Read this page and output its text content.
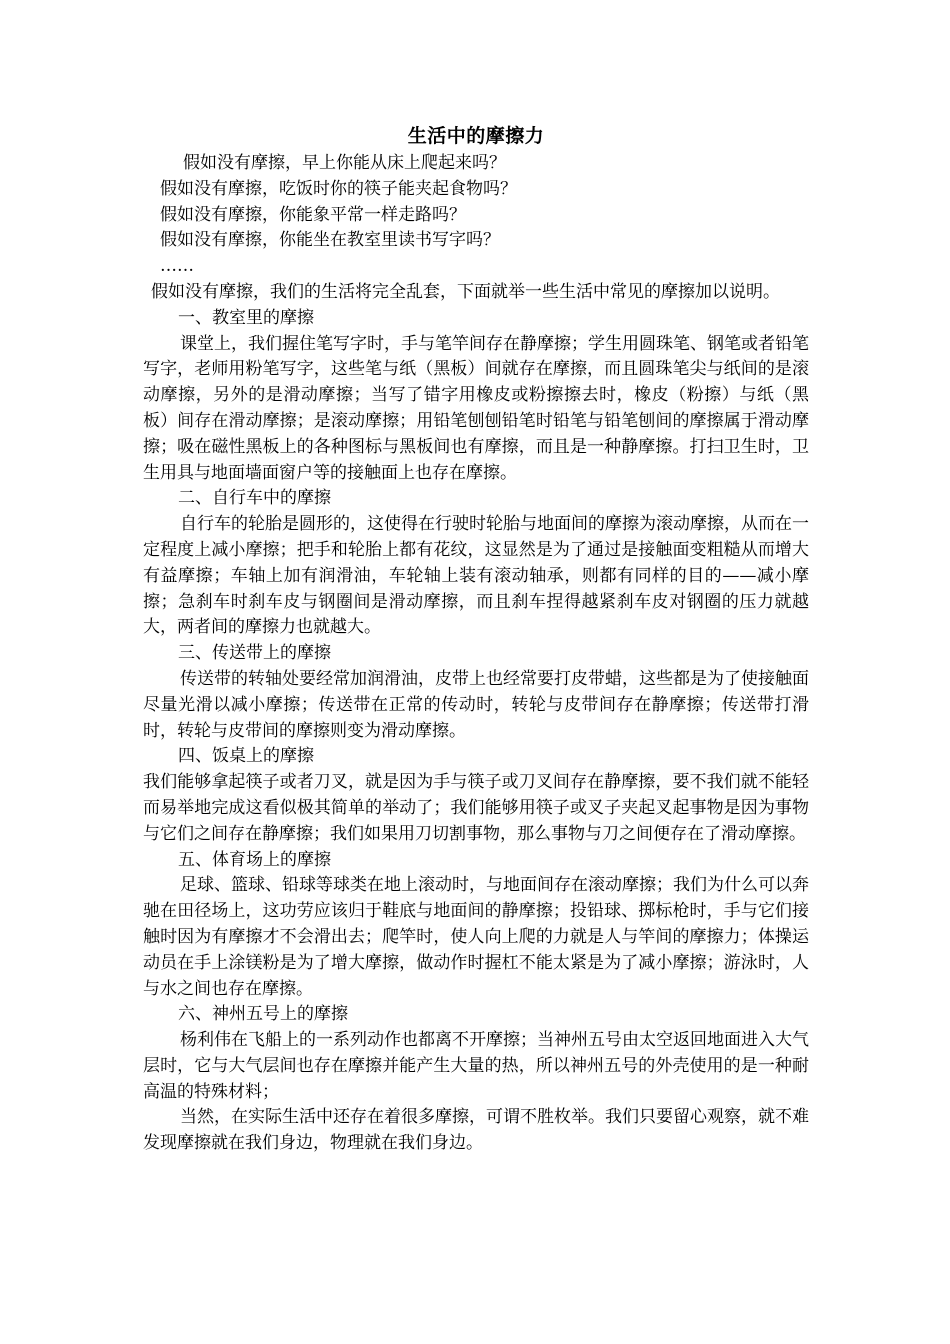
生活中的摩擦力

假如没有摩擦，早上你能从床上爬起来吗？

假如没有摩擦，吃饭时你的筷子能夹起食物吗？

假如没有摩擦，你能象平常一样走路吗？

假如没有摩擦，你能坐在教室里读书写字吗？

……

假如没有摩擦，我们的生活将完全乱套，下面就举一些生活中常见的摩擦加以说明。

一、教室里的摩擦

课堂上，我们握住笔写字时，手与笔竿间存在静摩擦；学生用圆珠笔、钢笔或者铅笔写字，老师用粉笔写字，这些笔与纸（黑板）间就存在摩擦，而且圆珠笔尖与纸间的是滚动摩擦，另外的是滑动摩擦；当写了错字用橡皮或粉擦擦去时，橡皮（粉擦）与纸（黑板）间存在滑动摩擦；是滚动摩擦；用铅笔刨刨铅笔时铅笔与铅笔刨间的摩擦属于滑动摩擦；吸在磁性黑板上的各种图标与黑板间也有摩擦，而且是一种静摩擦。打扫卫生时，卫生用具与地面墙面窗户等的接触面上也存在摩擦。

二、自行车中的摩擦

自行车的轮胎是圆形的，这使得在行驶时轮胎与地面间的摩擦为滚动摩擦，从而在一定程度上减小摩擦；把手和轮胎上都有花纹，这显然是为了通过是接触面变粗糙从而增大有益摩擦；车轴上加有润滑油，车轮轴上装有滚动轴承，则都有同样的目的——减小摩擦；急刹车时刹车皮与钢圈间是滑动摩擦，而且刹车捏得越紧刹车皮对钢圈的压力就越大，两者间的摩擦力也就越大。

三、传送带上的摩擦

传送带的转轴处要经常加润滑油，皮带上也经常要打皮带蜡，这些都是为了使接触面尽量光滑以减小摩擦；传送带在正常的传动时，转轮与皮带间存在静摩擦；传送带打滑时，转轮与皮带间的摩擦则变为滑动摩擦。

四、饭桌上的摩擦

我们能够拿起筷子或者刀叉，就是因为手与筷子或刀叉间存在静摩擦，要不我们就不能轻而易举地完成这看似极其简单的举动了；我们能够用筷子或叉子夹起叉起事物是因为事物与它们之间存在静摩擦；我们如果用刀切割事物，那么事物与刀之间便存在了滑动摩擦。

五、体育场上的摩擦

足球、篮球、铅球等球类在地上滚动时，与地面间存在滚动摩擦；我们为什么可以奔驰在田径场上，这功劳应该归于鞋底与地面间的静摩擦；投铅球、掷标枪时，手与它们接触时因为有摩擦才不会滑出去；爬竿时，使人向上爬的力就是人与竿间的摩擦力；体操运动员在手上涂镁粉是为了增大摩擦，做动作时握杠不能太紧是为了减小摩擦；游泳时，人与水之间也存在摩擦。

六、神州五号上的摩擦

杨利伟在飞船上的一系列动作也都离不开摩擦；当神州五号由太空返回地面进入大气层时，它与大气层间也存在摩擦并能产生大量的热，所以神州五号的外壳使用的是一种耐高温的特殊材料；

当然，在实际生活中还存在着很多摩擦，可谓不胜枚举。我们只要留心观察，就不难发现摩擦就在我们身边，物理就在我们身边。
